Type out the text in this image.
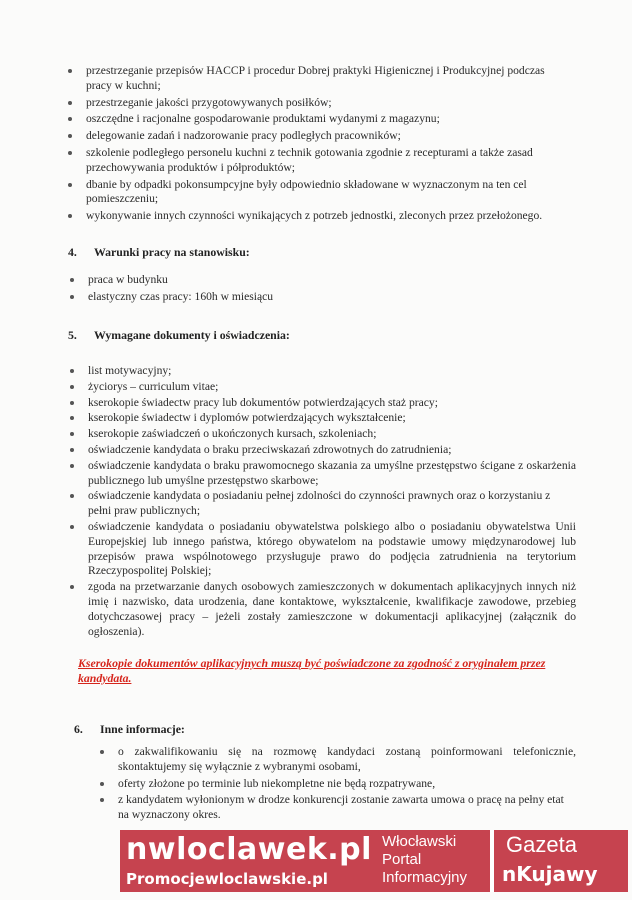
przestrzeganie przepisów HACCP i procedur Dobrej praktyki Higienicznej i Produkcyjnej podczas pracy w kuchni;
przestrzeganie jakości przygotowywanych posiłków;
oszczędne i racjonalne gospodarowanie produktami wydanymi z magazynu;
delegowanie zadań i nadzorowanie pracy podległych pracowników;
szkolenie podległego personelu kuchni z technik gotowania zgodnie z recepturami a także zasad przechowywania produktów i półproduktów;
dbanie by odpadki pokonsumpcyjne były odpowiednio składowane w wyznaczonym na ten cel pomieszczeniu;
wykonywanie innych czynności wynikających z potrzeb jednostki, zleconych przez przełożonego.
4. Warunki pracy na stanowisku:
praca w budynku
elastyczny czas pracy: 160h w miesiącu
5. Wymagane dokumenty i oświadczenia:
list motywacyjny;
życiorys – curriculum vitae;
kserokopie świadectw pracy lub dokumentów potwierdzających staż pracy;
kserokopie świadectw i dyplomów potwierdzających wykształcenie;
kserokopie zaświadczeń o ukończonych kursach, szkoleniach;
oświadczenie kandydata o braku przeciwskazań zdrowotnych do zatrudnienia;
oświadczenie kandydata o braku prawomocnego skazania za umyślne przestępstwo ścigane z oskarżenia publicznego lub umyślne przestępstwo skarbowe;
oświadczenie kandydata o posiadaniu pełnej zdolności do czynności prawnych oraz o korzystaniu z pełni praw publicznych;
oświadczenie kandydata o posiadaniu obywatelstwa polskiego albo o posiadaniu obywatelstwa Unii Europejskiej lub innego państwa, którego obywatelom na podstawie umowy międzynarodowej lub przepisów prawa wspólnotowego przysługuje prawo do podjęcia zatrudnienia na terytorium Rzeczypospolitej Polskiej;
zgoda na przetwarzanie danych osobowych zamieszczonych w dokumentach aplikacyjnych innych niż imię i nazwisko, data urodzenia, dane kontaktowe, wykształcenie, kwalifikacje zawodowe, przebieg dotychczasowej pracy – jeżeli zostały zamieszczone w dokumentacji aplikacyjnej (załącznik do ogłoszenia).
Kserokopie dokumentów aplikacyjnych muszą być poświadczone za zgodność z oryginałem przez kandydata.
6. Inne informacje:
o zakwalifikowaniu się na rozmowę kandydaci zostaną poinformowani telefonicznie, skontaktujemy się wyłącznie z wybranymi osobami,
oferty złożone po terminie lub niekompletne nie będą rozpatrywane,
z kandydatem wyłonionym w drodze konkurencji zostanie zawarta umowa o pracę na pełny etat na wyznaczony okres.
nwloclawek.pl
Promocjewloclawskie.pl
Włocławski Portal Informacyjny
Gazeta
nKujawy
